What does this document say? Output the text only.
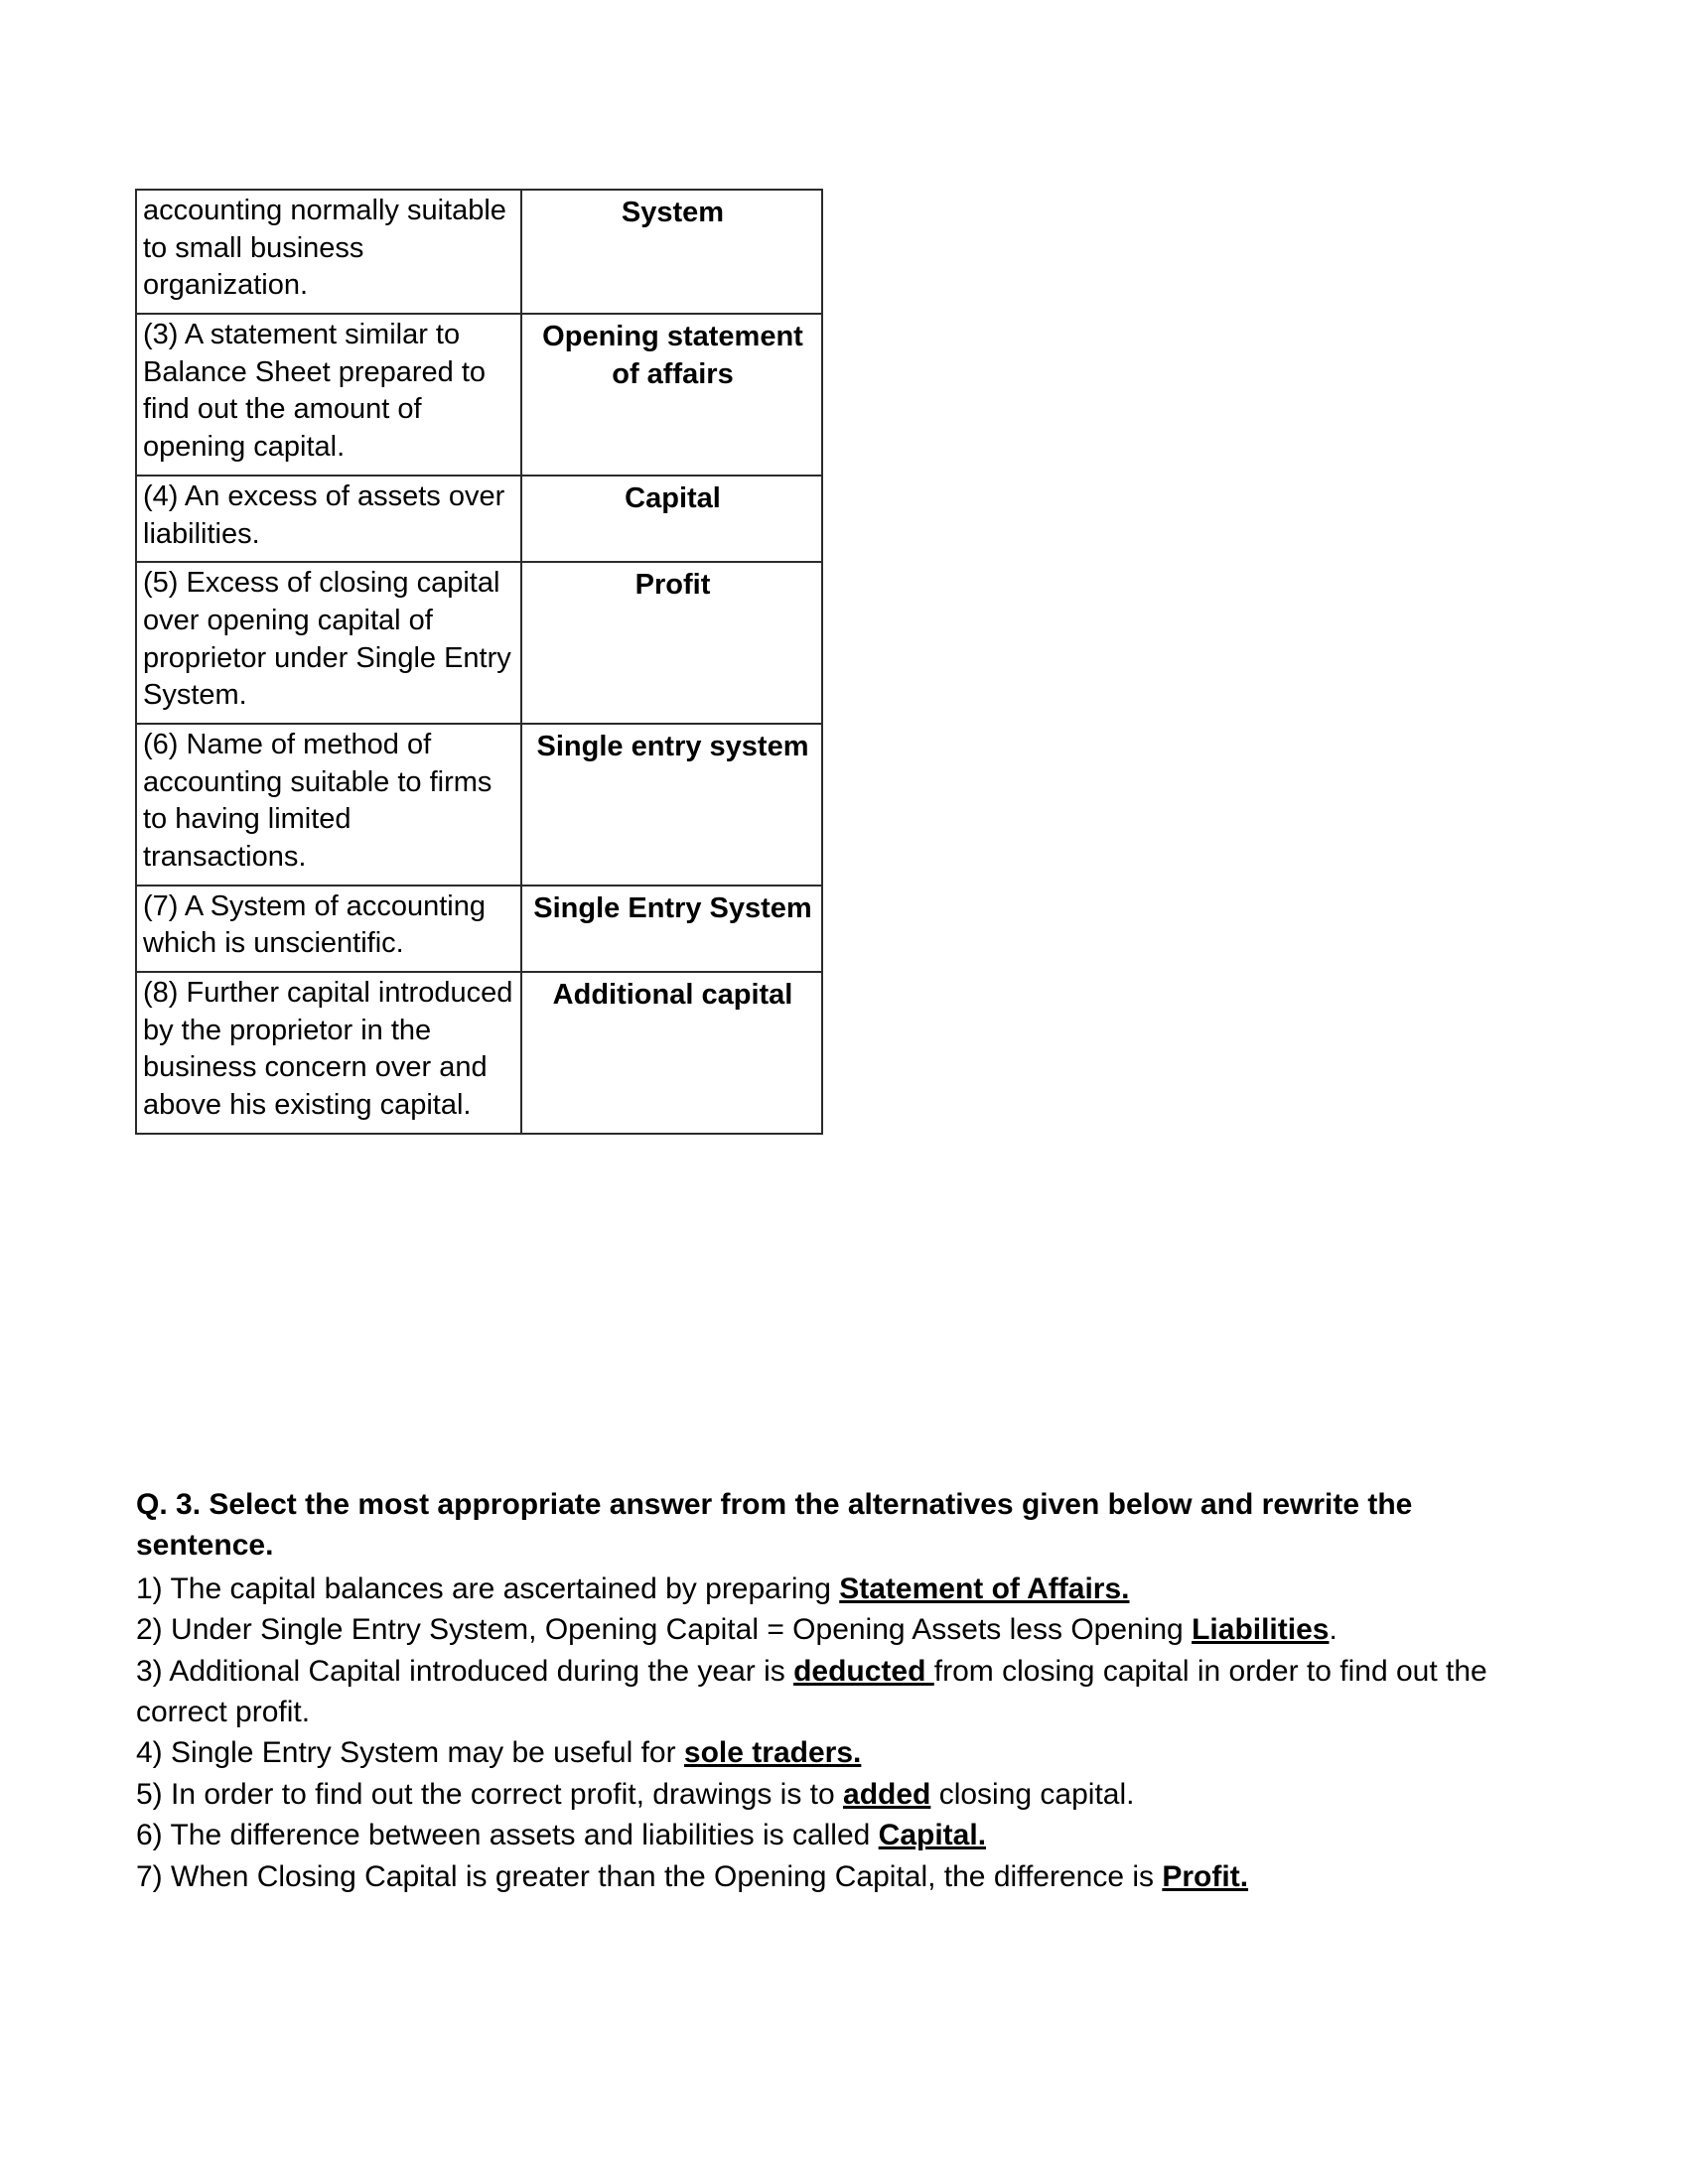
accounting normally suitable to small business organization.	System
(3) A statement similar to Balance Sheet prepared to find out the amount of opening capital.	Opening statement of affairs
(4) An excess of assets over liabilities.	Capital
(5) Excess of closing capital over opening capital of proprietor under Single Entry System.	Profit
(6) Name of method of accounting suitable to firms to having limited transactions.	Single entry system
(7) A System of accounting which is unscientific.	Single Entry System
(8) Further capital introduced by the proprietor in the business concern over and above his existing capital.	Additional capital

Q. 3. Select the most appropriate answer from the alternatives given below and rewrite the sentence.

1) The capital balances are ascertained by preparing Statement of Affairs.

2) Under Single Entry System, Opening Capital = Opening Assets less Opening Liabilities.

3) Additional Capital introduced during the year is deducted from closing capital in order to find out the correct profit.

4) Single Entry System may be useful for sole traders.

5) In order to find out the correct profit, drawings is to added closing capital.

6) The difference between assets and liabilities is called Capital.

7) When Closing Capital is greater than the Opening Capital, the difference is Profit.
